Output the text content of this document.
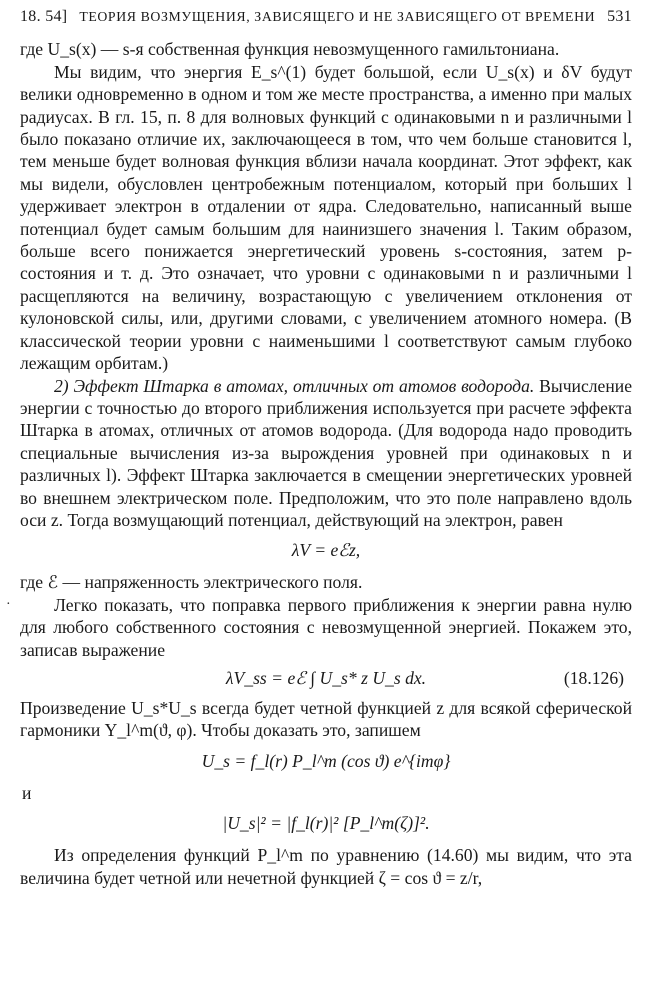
18. 54] ТЕОРИЯ ВОЗМУЩЕНИЯ, ЗАВИСЯЩЕГО И НЕ ЗАВИСЯЩЕГО ОТ ВРЕМЕНИ 531

где U_s(x) — s-я собственная функция невозмущенного гамильтониана.

Мы видим, что энергия E_s^(1) будет большой, если U_s(x) и δV будут велики одновременно в одном и том же месте пространства, а именно при малых радиусах. В гл. 15, п. 8 для волновых функций с одинаковыми n и различными l было показано отличие их, заключающееся в том, что чем больше становится l, тем меньше будет волновая функция вблизи начала координат. Этот эффект, как мы видели, обусловлен центробежным потенциалом, который при больших l удерживает электрон в отдалении от ядра. Следовательно, написанный выше потенциал будет самым большим для наинизшего значения l. Таким образом, больше всего понижается энергетический уровень s-состояния, затем p-состояния и т. д. Это означает, что уровни с одинаковыми n и различными l расщепляются на величину, возрастающую с увеличением отклонения от кулоновской силы, или, другими словами, с увеличением атомного номера. (В классической теории уровни с наименьшими l соответствуют самым глубоко лежащим орбитам.)

2) Эффект Штарка в атомах, отличных от атомов водорода. Вычисление энергии с точностью до второго приближения используется при расчете эффекта Штарка в атомах, отличных от атомов водорода. (Для водорода надо проводить специальные вычисления из-за вырождения уровней при одинаковых n и различных l). Эффект Штарка заключается в смещении энергетических уровней во внешнем электрическом поле. Предположим, что это поле направлено вдоль оси z. Тогда возмущающий потенциал, действующий на электрон, равен

λV = eℰz,

где ℰ — напряженность электрического поля.

Легко показать, что поправка первого приближения к энергии равна нулю для любого собственного состояния с невозмущенной энергией. Покажем это, записав выражение

λV_ss = eℰ ∫ U_s* z U_s dx.	(18.126)

Произведение U_s*U_s всегда будет четной функцией z для всякой сферической гармоники Y_l^m(ϑ, φ). Чтобы доказать это, запишем

U_s = f_l(r) P_l^m (cos ϑ) e^{imφ}
и
|U_s|² = |f_l(r)|² [P_l^m(ζ)]².

Из определения функций P_l^m по уравнению (14.60) мы видим, что эта величина будет четной или нечетной функцией ζ = cos ϑ = z/r,

·
